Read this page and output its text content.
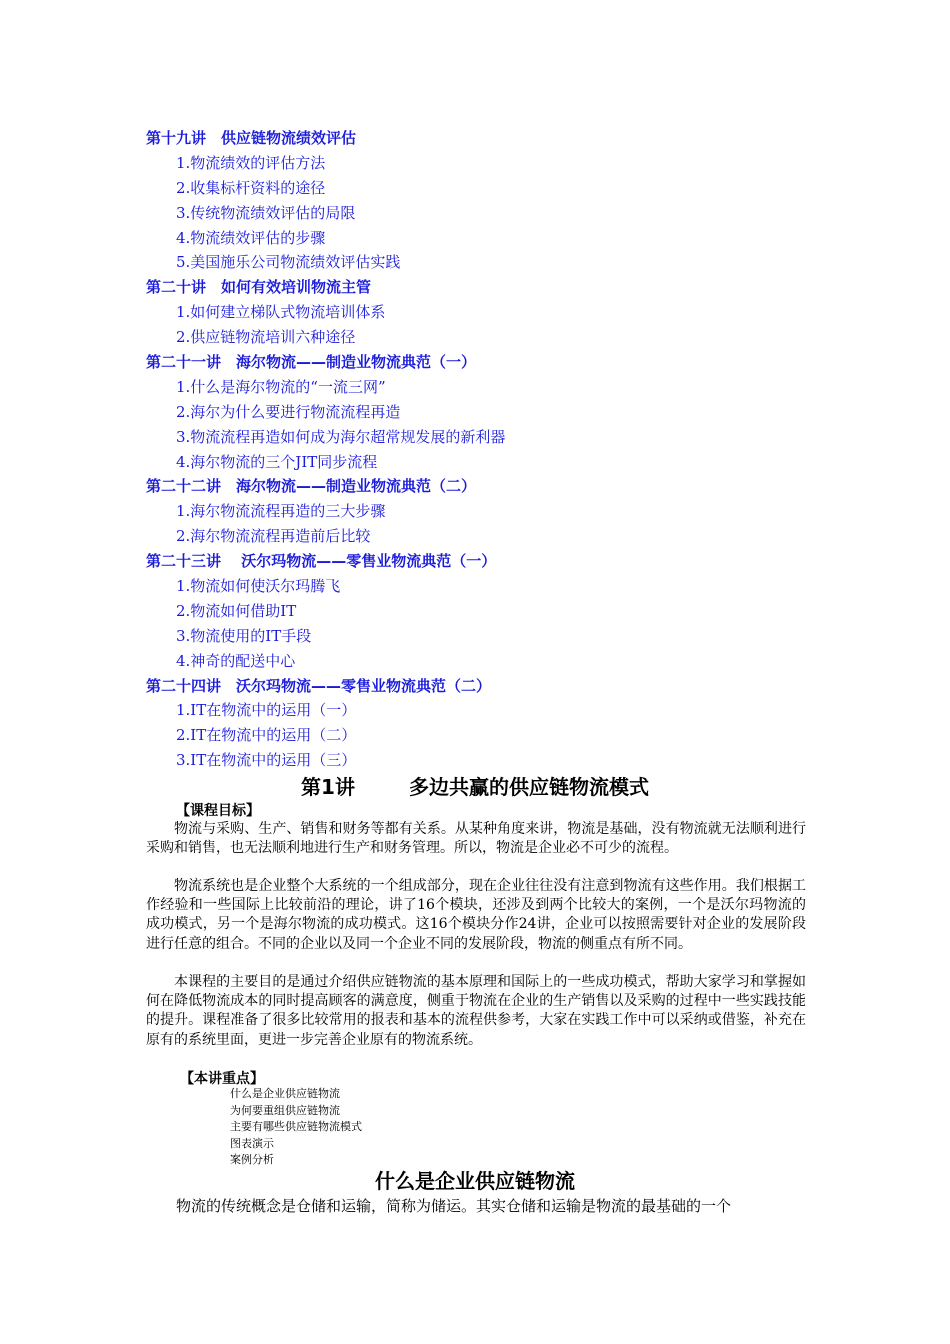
第十九讲　供应链物流绩效评估
1.物流绩效的评估方法
2.收集标杆资料的途径
3.传统物流绩效评估的局限
4.物流绩效评估的步骤
5.美国施乐公司物流绩效评估实践
第二十讲　如何有效培训物流主管
1.如何建立梯队式物流培训体系
2.供应链物流培训六种途径
第二十一讲　海尔物流——制造业物流典范（一）
1.什么是海尔物流的“一流三网”
2.海尔为什么要进行物流流程再造
3.物流流程再造如何成为海尔超常规发展的新利器
4.海尔物流的三个JIT同步流程
第二十二讲　海尔物流——制造业物流典范（二）
1.海尔物流流程再造的三大步骤
2.海尔物流流程再造前后比较
第二十三讲　 沃尔玛物流——零售业物流典范（一）
1.物流如何使沃尔玛腾飞
2.物流如何借助IT
3.物流使用的IT手段
4.神奇的配送中心
第二十四讲　沃尔玛物流——零售业物流典范（二）
1.IT在物流中的运用（一）
2.IT在物流中的运用（二）
3.IT在物流中的运用（三）
第1讲	多边共赢的供应链物流模式
【课程目标】

物流与采购、生产、销售和财务等都有关系。从某种角度来讲，物流是基础，没有物流就无法顺利进行采购和销售，也无法顺利地进行生产和财务管理。所以，物流是企业必不可少的流程。

物流系统也是企业整个大系统的一个组成部分，现在企业往往没有注意到物流有这些作用。我们根据工作经验和一些国际上比较前沿的理论，讲了16个模块，还涉及到两个比较大的案例，一个是沃尔玛物流的成功模式，另一个是海尔物流的成功模式。这16个模块分作24讲，企业可以按照需要针对企业的发展阶段进行任意的组合。不同的企业以及同一个企业不同的发展阶段，物流的侧重点有所不同。

本课程的主要目的是通过介绍供应链物流的基本原理和国际上的一些成功模式，帮助大家学习和掌握如何在降低物流成本的同时提高顾客的满意度，侧重于物流在企业的生产销售以及采购的过程中一些实践技能的提升。课程准备了很多比较常用的报表和基本的流程供参考，大家在实践工作中可以采纳或借鉴，补充在原有的系统里面，更进一步完善企业原有的物流系统。

【本讲重点】
什么是企业供应链物流
为何要重组供应链物流
主要有哪些供应链物流模式
图表演示
案例分析
什么是企业供应链物流
物流的传统概念是仓储和运输，简称为储运。其实仓储和运输是物流的最基础的一个
